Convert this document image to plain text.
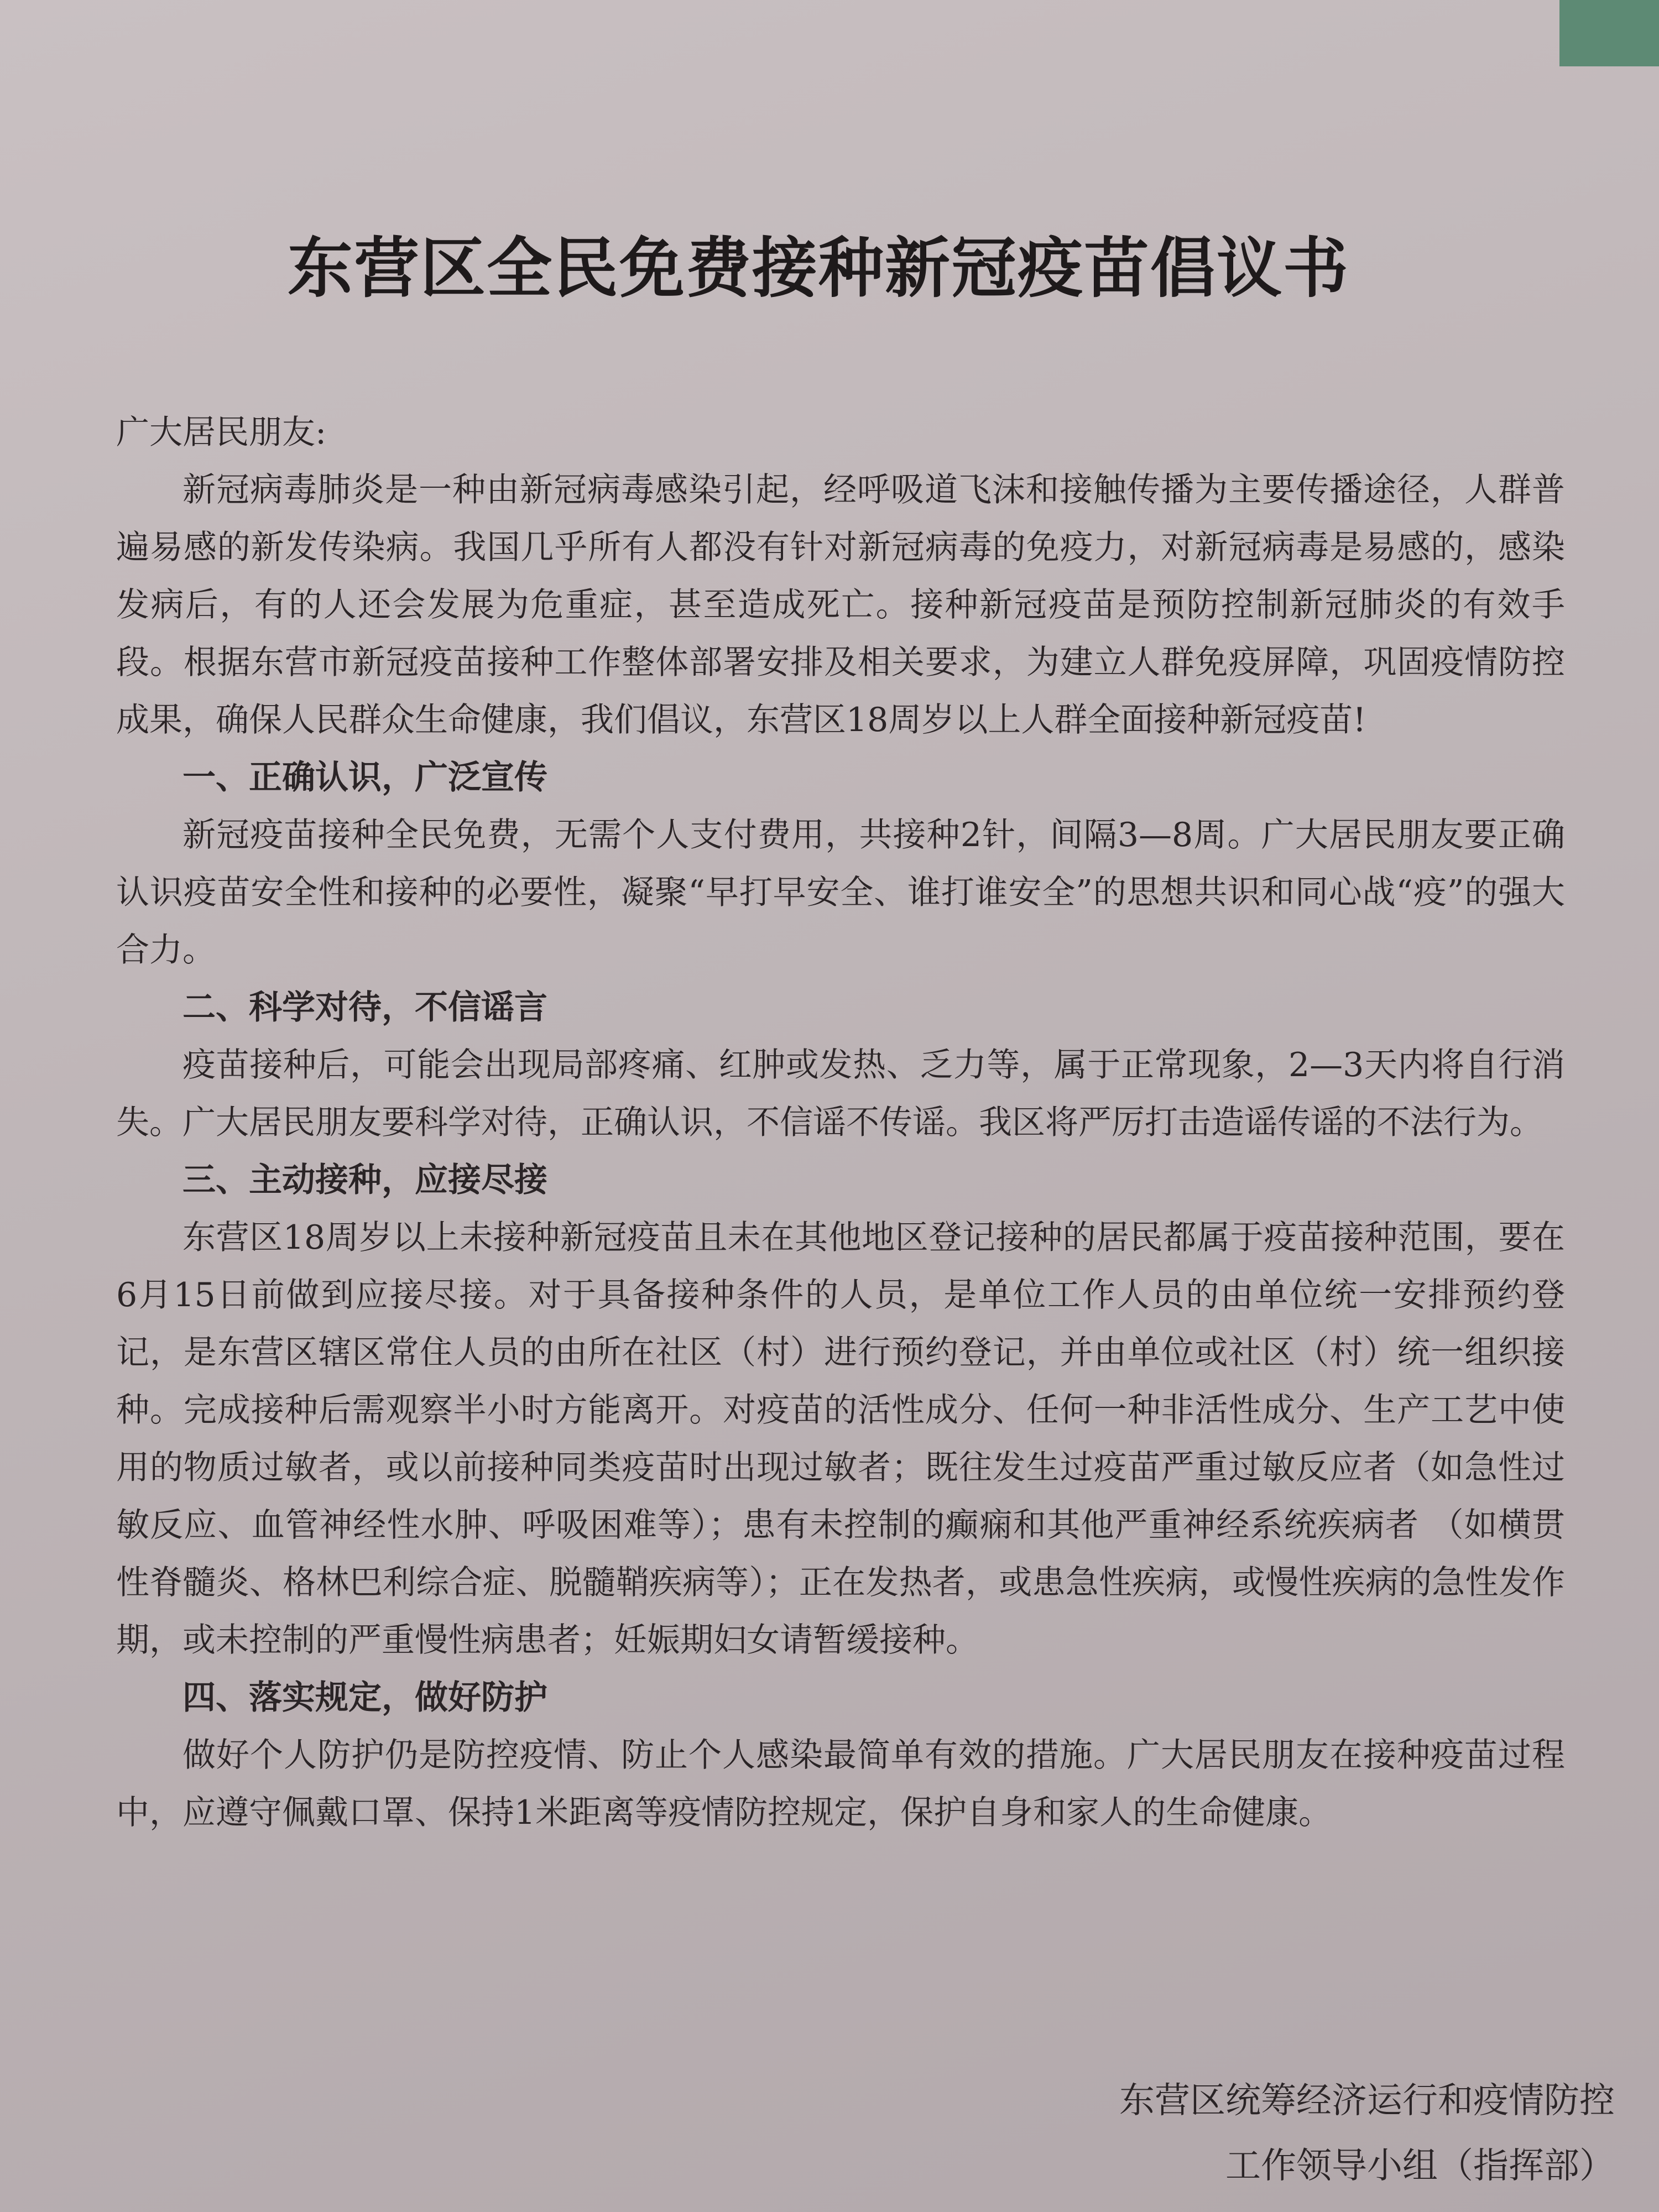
东营区全民免费接种新冠疫苗倡议书

广大居民朋友:

新冠病毒肺炎是一种由新冠病毒感染引起，经呼吸道飞沫和接触传播为主要传播途径，人群普遍易感的新发传染病。我国几乎所有人都没有针对新冠病毒的免疫力，对新冠病毒是易感的，感染发病后，有的人还会发展为危重症，甚至造成死亡。接种新冠疫苗是预防控制新冠肺炎的有效手段。根据东营市新冠疫苗接种工作整体部署安排及相关要求，为建立人群免疫屏障，巩固疫情防控成果，确保人民群众生命健康，我们倡议，东营区18周岁以上人群全面接种新冠疫苗!

一、正确认识，广泛宣传

新冠疫苗接种全民免费，无需个人支付费用，共接种2针，间隔3—8周。广大居民朋友要正确认识疫苗安全性和接种的必要性，凝聚“早打早安全、谁打谁安全”的思想共识和同心战“疫”的强大合力。

二、科学对待，不信谣言

疫苗接种后，可能会出现局部疼痛、红肿或发热、乏力等，属于正常现象，2—3天内将自行消失。广大居民朋友要科学对待，正确认识，不信谣不传谣。我区将严厉打击造谣传谣的不法行为。

三、主动接种，应接尽接

东营区18周岁以上未接种新冠疫苗且未在其他地区登记接种的居民都属于疫苗接种范围，要在6月15日前做到应接尽接。对于具备接种条件的人员，是单位工作人员的由单位统一安排预约登记，是东营区辖区常住人员的由所在社区（村）进行预约登记，并由单位或社区（村）统一组织接种。完成接种后需观察半小时方能离开。对疫苗的活性成分、任何一种非活性成分、生产工艺中使用的物质过敏者，或以前接种同类疫苗时出现过敏者；既往发生过疫苗严重过敏反应者（如急性过敏反应、血管神经性水肿、呼吸困难等）；患有未控制的癫痫和其他严重神经系统疾病者 （如横贯性脊髓炎、格林巴利综合症、脱髓鞘疾病等）；正在发热者，或患急性疾病，或慢性疾病的急性发作期，或未控制的严重慢性病患者；妊娠期妇女请暂缓接种。

四、落实规定，做好防护

做好个人防护仍是防控疫情、防止个人感染最简单有效的措施。广大居民朋友在接种疫苗过程中，应遵守佩戴口罩、保持1米距离等疫情防控规定，保护自身和家人的生命健康。

东营区统筹经济运行和疫情防控
工作领导小组（指挥部）
